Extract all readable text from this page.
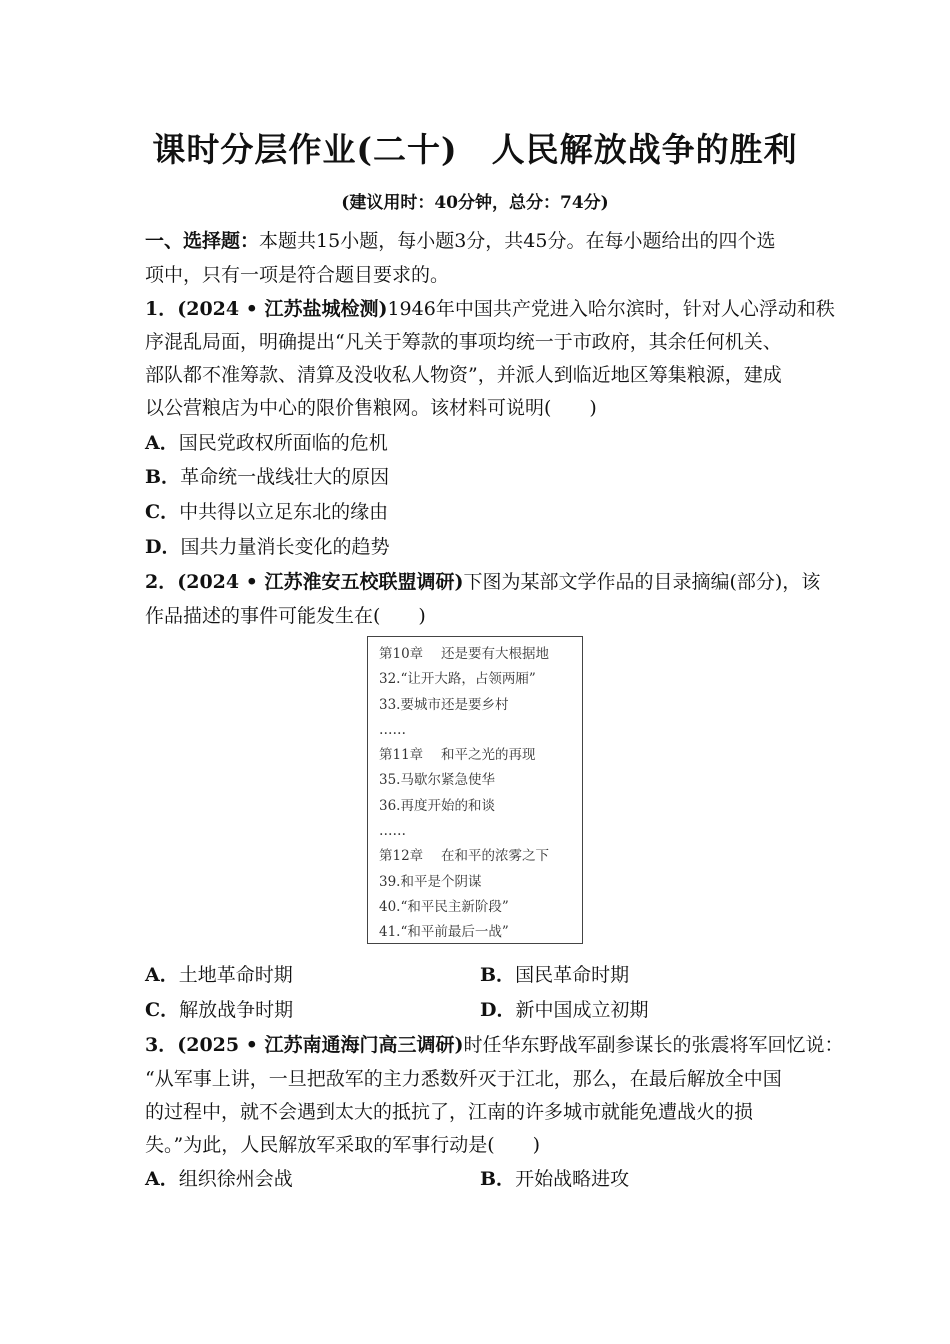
课时分层作业(二十)　人民解放战争的胜利
(建议用时：40分钟，总分：74分)
一、选择题：本题共15小题，每小题3分，共45分。在每小题给出的四个选
项中，只有一项是符合题目要求的。
1．(2024 • 江苏盐城检测)1946年中国共产党进入哈尔滨时，针对人心浮动和秩
序混乱局面，明确提出“凡关于筹款的事项均统一于市政府，其余任何机关、
部队都不准筹款、清算及没收私人物资”，并派人到临近地区筹集粮源，建成
以公营粮店为中心的限价售粮网。该材料可说明(　　)
A．国民党政权所面临的危机
B．革命统一战线壮大的原因
C．中共得以立足东北的缘由
D．国共力量消长变化的趋势
2．(2024 • 江苏淮安五校联盟调研)下图为某部文学作品的目录摘编(部分)，该
作品描述的事件可能发生在(　　)
第10章　 还是要有大根据地
32.“让开大路，占领两厢”
33.要城市还是要乡村
……
第11章　 和平之光的再现
35.马歇尔紧急使华
36.再度开始的和谈
……
第12章　 在和平的浓雾之下
39.和平是个阴谋
40.“和平民主新阶段”
41.“和平前最后一战”
A．土地革命时期	B．国民革命时期
C．解放战争时期	D．新中国成立初期
3．(2025 • 江苏南通海门高三调研)时任华东野战军副参谋长的张震将军回忆说：
“从军事上讲，一旦把敌军的主力悉数歼灭于江北，那么，在最后解放全中国
的过程中，就不会遇到太大的抵抗了，江南的许多城市就能免遭战火的损
失。”为此，人民解放军采取的军事行动是(　　)
A．组织徐州会战	B．开始战略进攻
